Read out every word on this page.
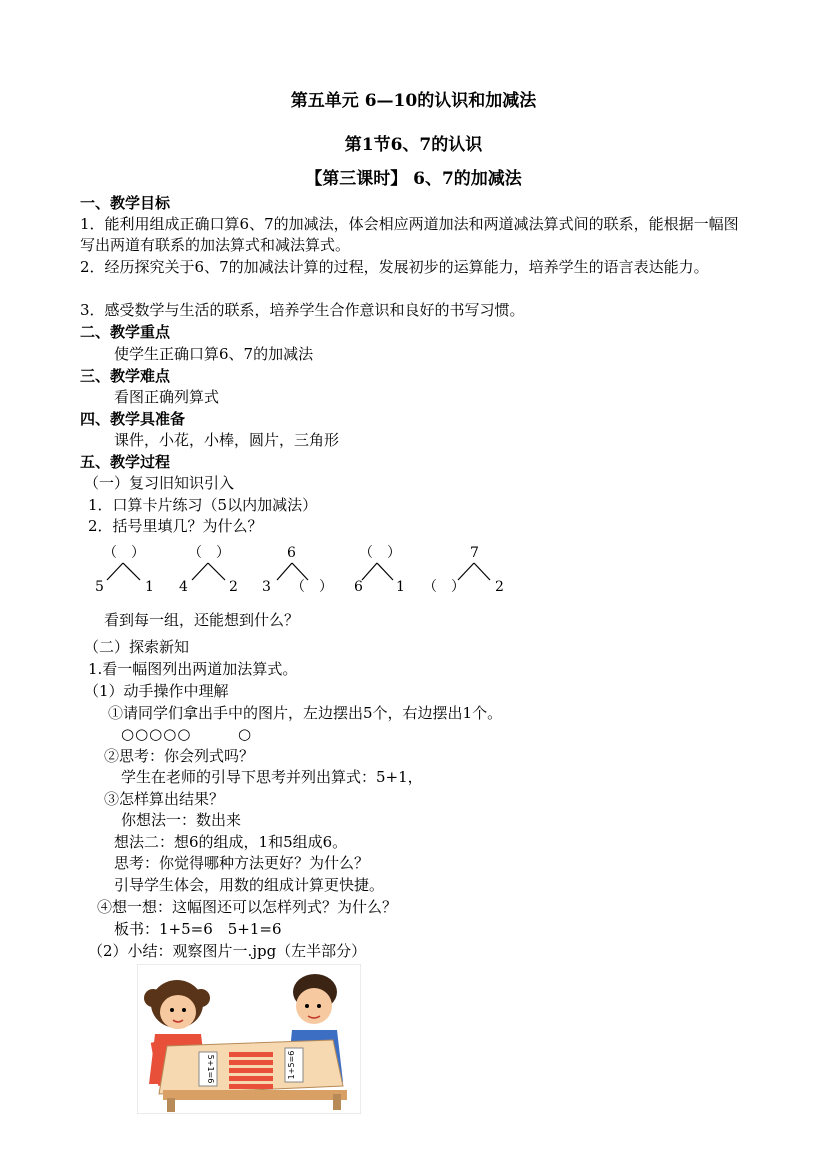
第五单元 6—10的认识和加减法
第1节6、7的认识
【第三课时】 6、7的加减法
一、教学目标
1．能利用组成正确口算6、7的加减法，体会相应两道加法和两道减法算式间的联系，能根据一幅图写出两道有联系的加法算式和减法算式。
2．经历探究关于6、7的加减法计算的过程，发展初步的运算能力，培养学生的语言表达能力。
3．感受数学与生活的联系，培养学生合作意识和良好的书写习惯。
二、教学重点
使学生正确口算6、7的加减法
三、教学难点
看图正确列算式
四、教学具准备
课件，小花，小棒，圆片，三角形
五、教学过程
（一）复习旧知识引入
1．口算卡片练习（5以内加减法）
2．括号里填几？为什么？
（　）
5	1
（　）
4	2
6
3 （　）
（　）
6 1
7
（　） 2
看到每一组，还能想到什么？
（二）探索新知
1.看一幅图列出两道加法算式。
（1）动手操作中理解
①请同学们拿出手中的图片，左边摆出5个，右边摆出1个。
○○○○○	○
②思考：你会列式吗？
学生在老师的引导下思考并列出算式：5+1，
③怎样算出结果？
你想法一：数出来
想法二：想6的组成，1和5组成6。
思考：你觉得哪种方法更好？为什么？
引导学生体会，用数的组成计算更快捷。
④想一想：这幅图还可以怎样列式？为什么？
板书：1+5=6　5+1=6
（2）小结：观察图片一.jpg（左半部分）
5+1=6	1+5=6
